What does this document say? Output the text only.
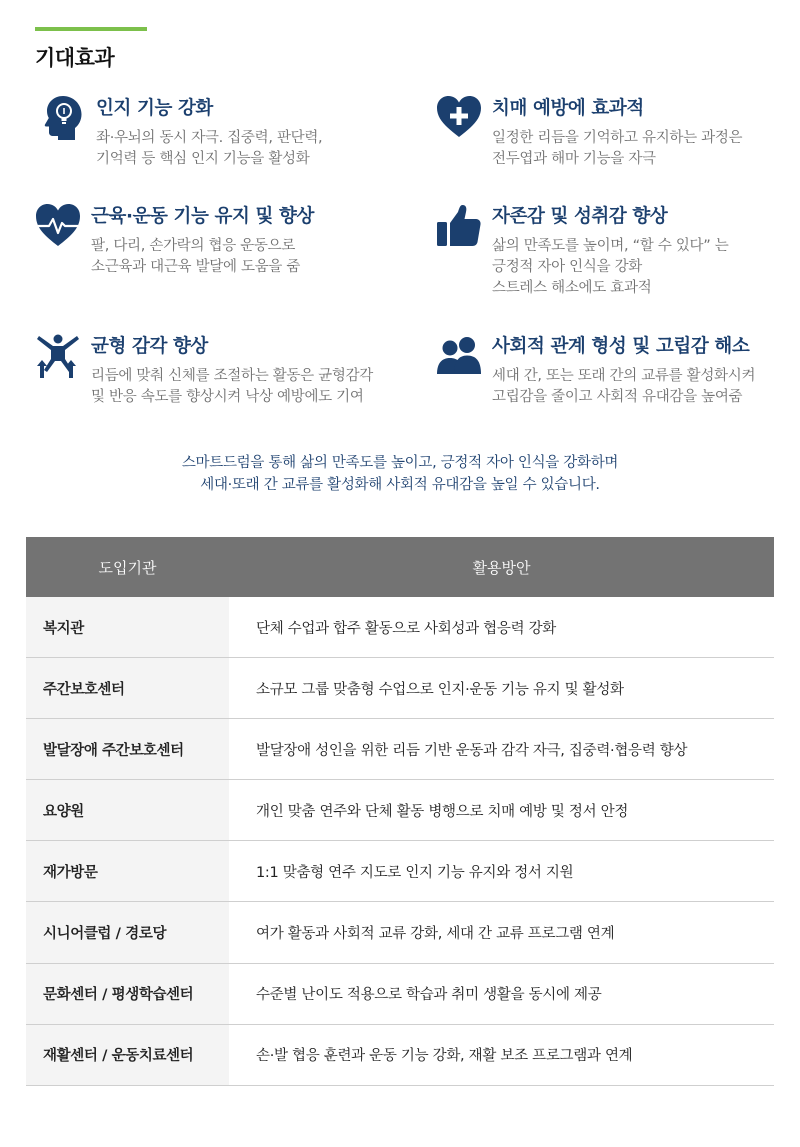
기대효과
인지 기능 강화
좌·우뇌의 동시 자극. 집중력, 판단력,
기억력 등 핵심 인지 기능을 활성화
치매 예방에 효과적
일정한 리듬을 기억하고 유지하는 과정은
전두엽과 해마 기능을 자극
근육·운동 기능 유지 및 향상
팔, 다리, 손가락의 협응 운동으로
소근육과 대근육 발달에 도움을 줌
자존감 및 성취감 향상
삶의 만족도를 높이며, “할 수 있다” 는
긍정적 자아 인식을 강화
스트레스 해소에도 효과적
균형 감각 향상
리듬에 맞춰 신체를 조절하는 활동은 균형감각
및 반응 속도를 향상시켜 낙상 예방에도 기여
사회적 관계 형성 및 고립감 해소
세대 간, 또는 또래 간의 교류를 활성화시켜
고립감을 줄이고 사회적 유대감을 높여줌
스마트드럼을 통해 삶의 만족도를 높이고, 긍정적 자아 인식을 강화하며
세대·또래 간 교류를 활성화해 사회적 유대감을 높일 수 있습니다.
도입기관	활용방안
복지관	단체 수업과 합주 활동으로 사회성과 협응력 강화
주간보호센터	소규모 그룹 맞춤형 수업으로 인지·운동 기능 유지 및 활성화
발달장애 주간보호센터	발달장애 성인을 위한 리듬 기반 운동과 감각 자극, 집중력·협응력 향상
요양원	개인 맞춤 연주와 단체 활동 병행으로 치매 예방 및 정서 안정
재가방문	1:1 맞춤형 연주 지도로 인지 기능 유지와 정서 지원
시니어클럽 / 경로당	여가 활동과 사회적 교류 강화, 세대 간 교류 프로그램 연계
문화센터 / 평생학습센터	수준별 난이도 적용으로 학습과 취미 생활을 동시에 제공
재활센터 / 운동치료센터	손·발 협응 훈련과 운동 기능 강화, 재활 보조 프로그램과 연계
